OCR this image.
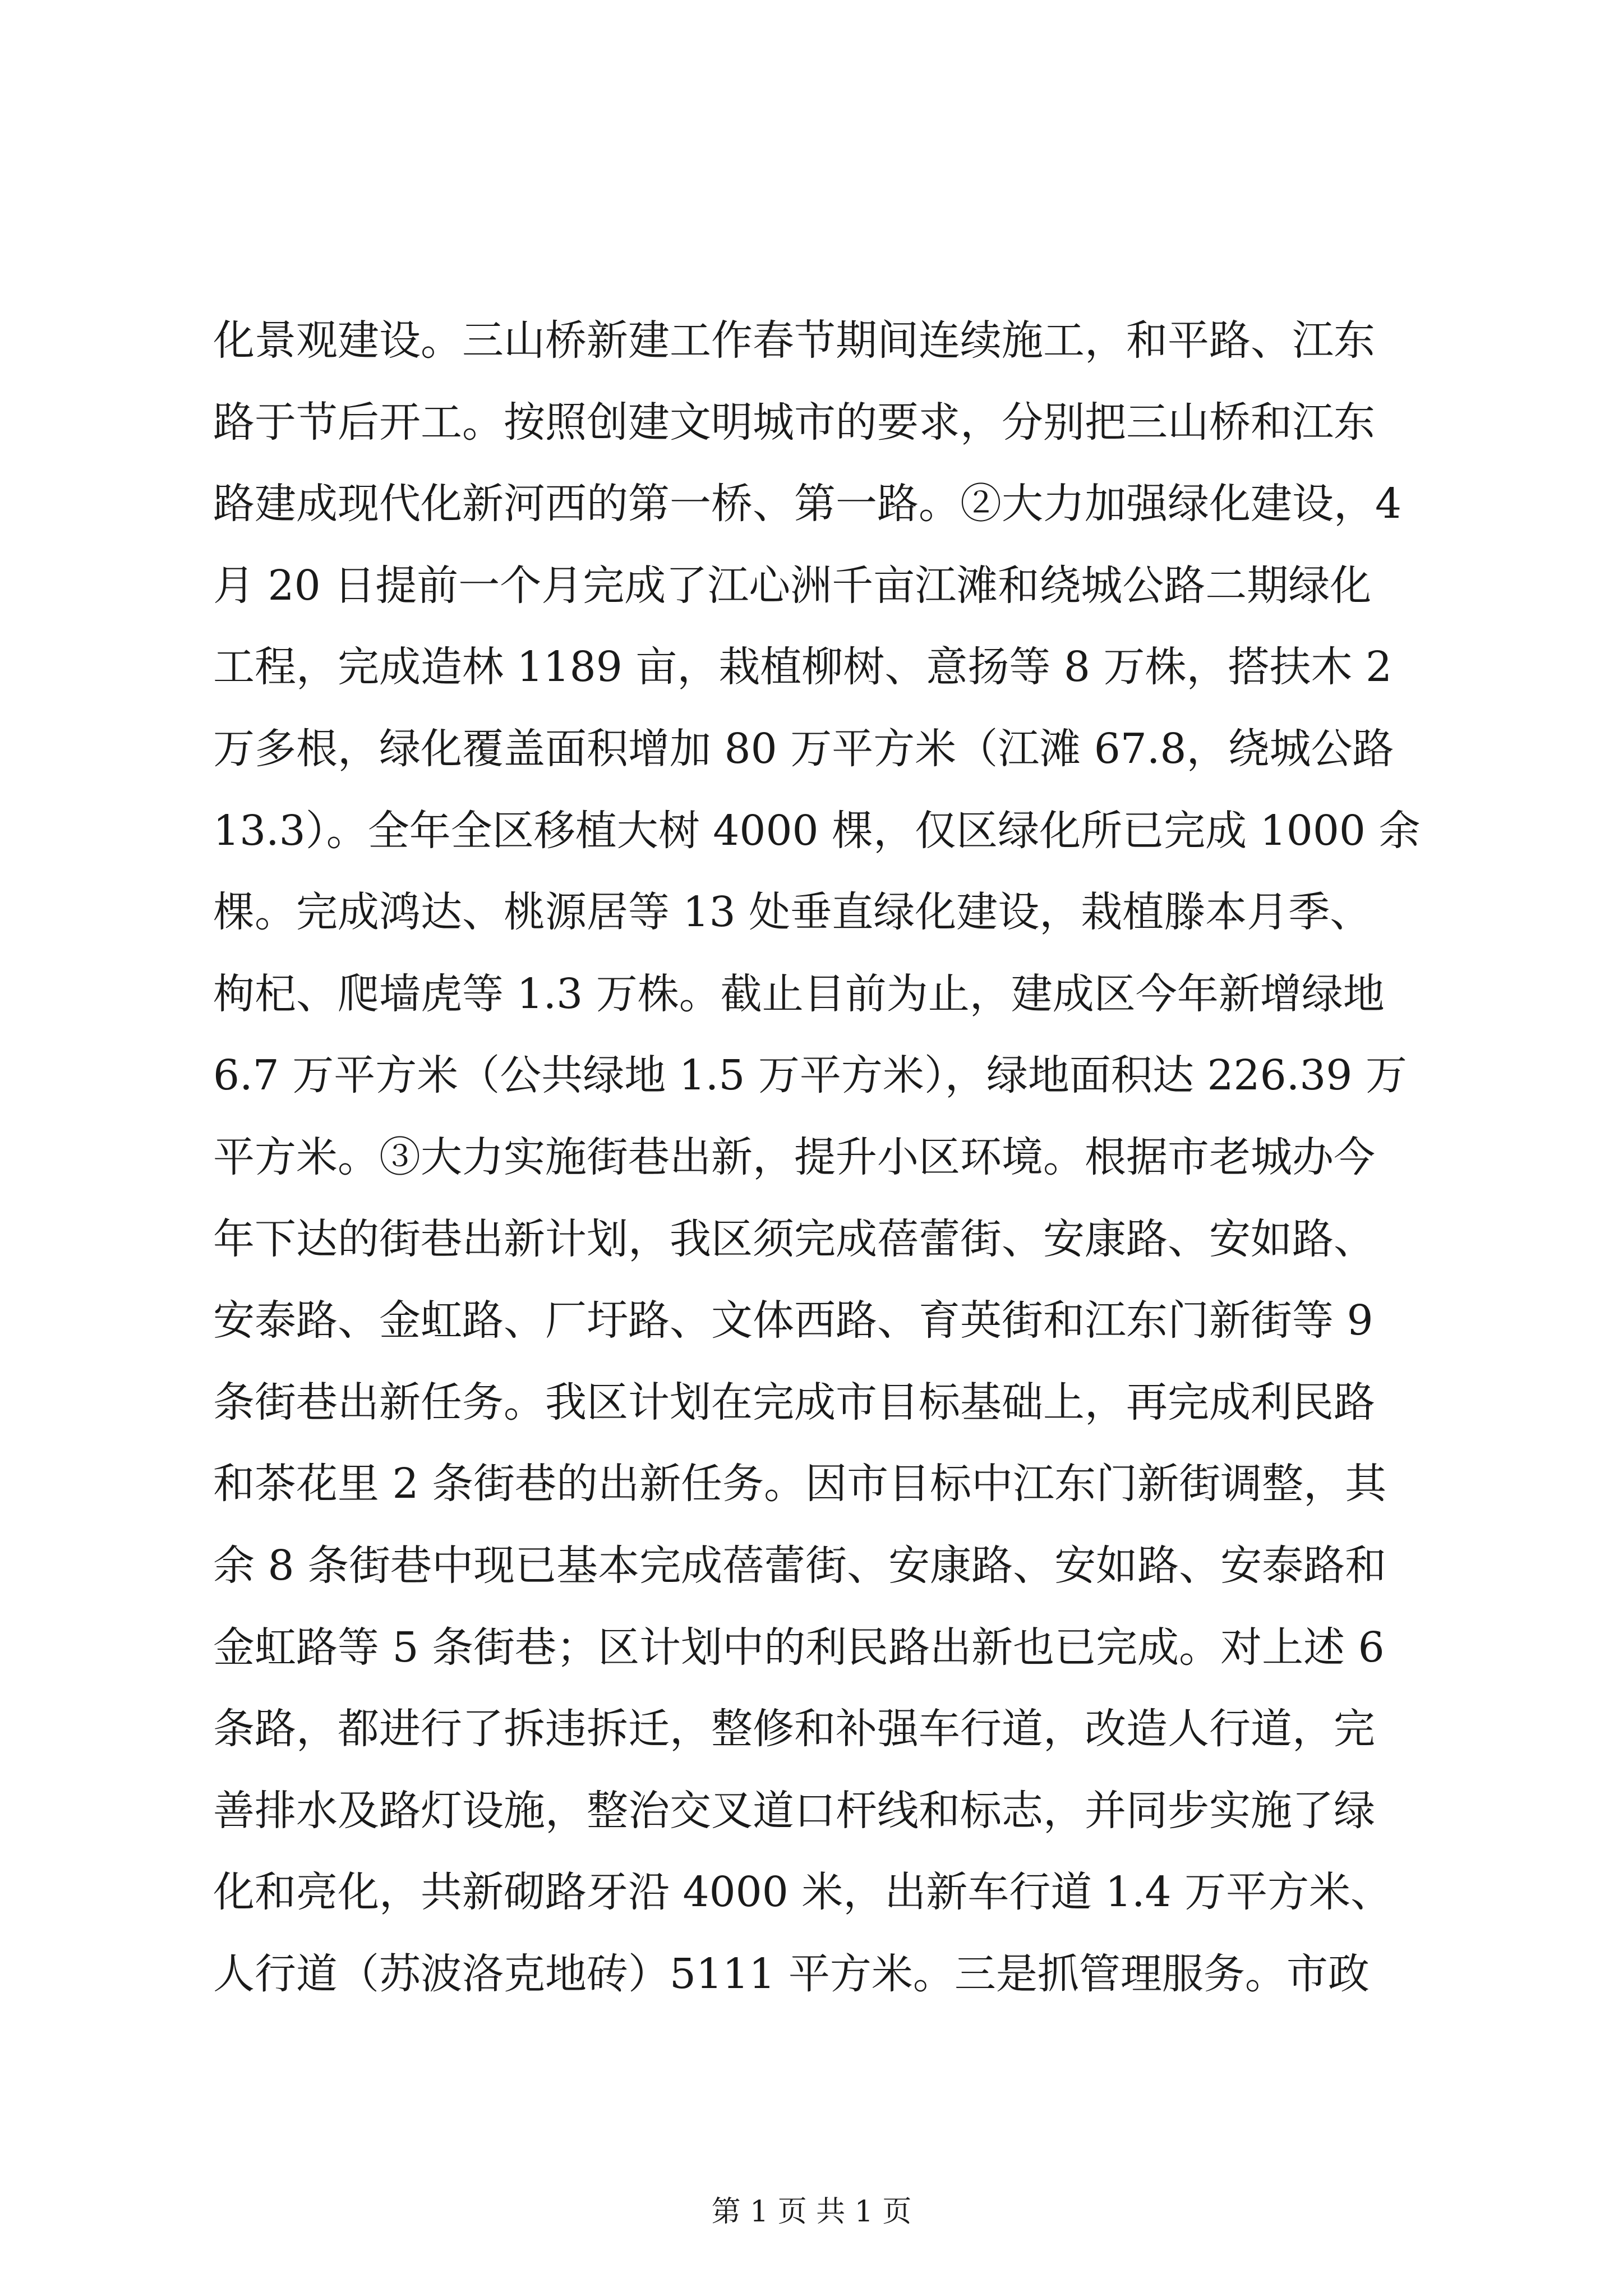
化景观建设。三山桥新建工作春节期间连续施工，和平路、江东
路于节后开工。按照创建文明城市的要求，分别把三山桥和江东
路建成现代化新河西的第一桥、第一路。②大力加强绿化建设，4
月 20 日提前一个月完成了江心洲千亩江滩和绕城公路二期绿化
工程，完成造林 1189 亩，栽植柳树、意扬等 8 万株，搭扶木 2
万多根，绿化覆盖面积增加 80 万平方米（江滩 67.8，绕城公路
13.3）。全年全区移植大树 4000 棵，仅区绿化所已完成 1000 余
棵。完成鸿达、桃源居等 13 处垂直绿化建设，栽植滕本月季、
枸杞、爬墙虎等 1.3 万株。截止目前为止，建成区今年新增绿地
6.7 万平方米（公共绿地 1.5 万平方米），绿地面积达 226.39 万
平方米。③大力实施街巷出新，提升小区环境。根据市老城办今
年下达的街巷出新计划，我区须完成蓓蕾街、安康路、安如路、
安泰路、金虹路、厂圩路、文体西路、育英街和江东门新街等 9
条街巷出新任务。我区计划在完成市目标基础上，再完成利民路
和茶花里 2 条街巷的出新任务。因市目标中江东门新街调整，其
余 8 条街巷中现已基本完成蓓蕾街、安康路、安如路、安泰路和
金虹路等 5 条街巷；区计划中的利民路出新也已完成。对上述 6
条路，都进行了拆违拆迁，整修和补强车行道，改造人行道，完
善排水及路灯设施，整治交叉道口杆线和标志，并同步实施了绿
化和亮化，共新砌路牙沿 4000 米，出新车行道 1.4 万平方米、
人行道（苏波洛克地砖）5111 平方米。三是抓管理服务。市政
第 1 页 共 1 页
